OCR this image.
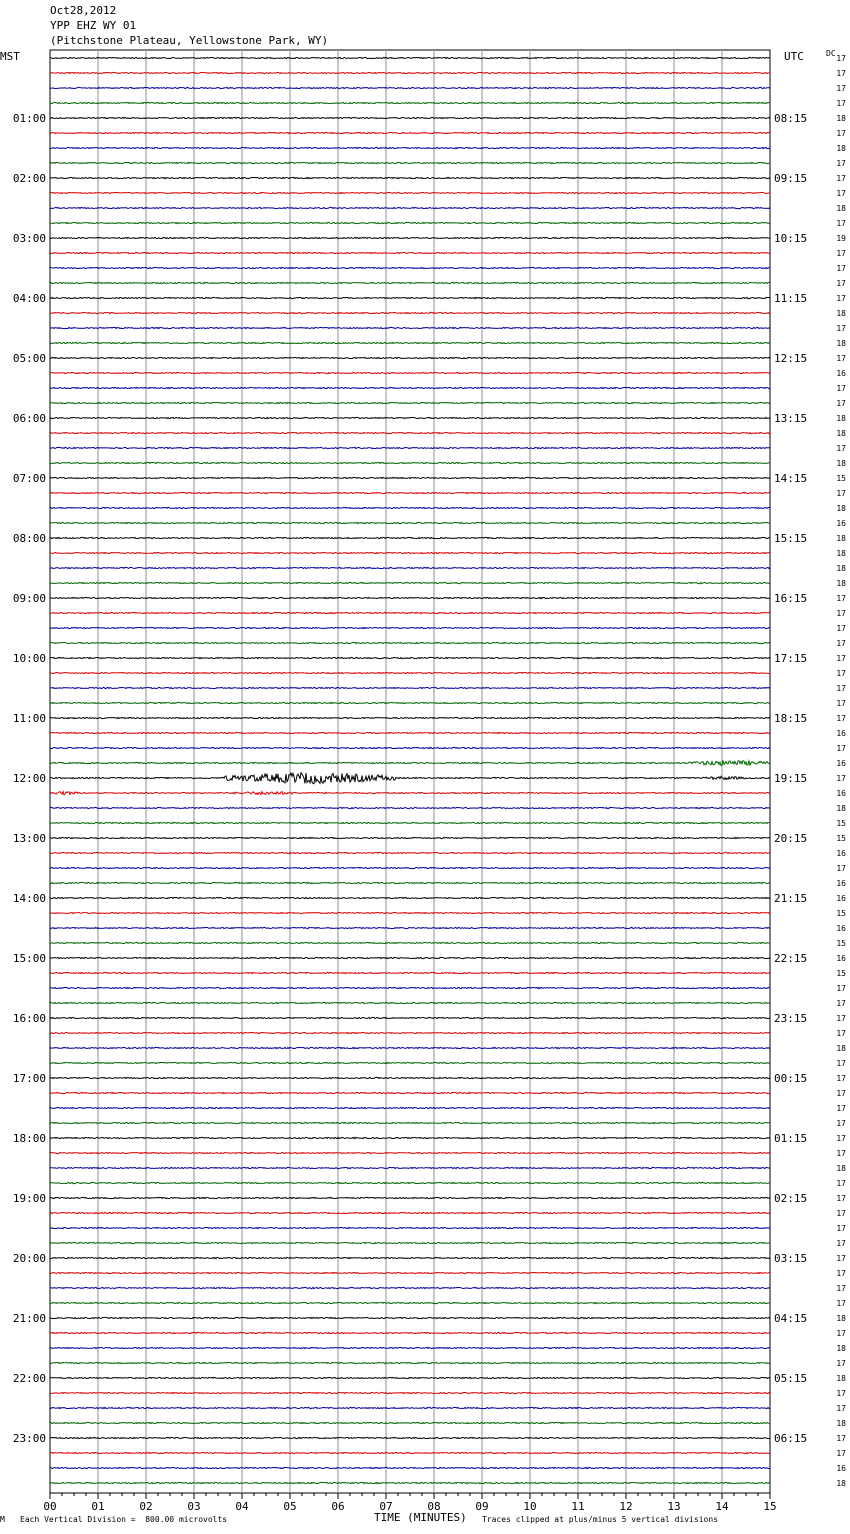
Oct28,2012
YPP EHZ WY 01
(Pitchstone Plateau, Yellowstone Park, WY)
MST	UTC	DC
17
17
17
17
18
17
18
17
17
17
18
17
19
17
17
17
17
18
17
18
17
16
17
17
18
18
17
18
15
17
18
16
18
18
18
18
17
17
17
17
17
17
17
17
17
16
17
16
17
16
18
15
15
16
17
16
16
15
16
15
16
15
17
17
17
17
18
17
17
17
17
17
17
17
18
17
17
17
17
17
17
17
17
17
18
17
18
17
18
17
17
18
17
17
16
18
01:00
02:00
03:00
04:00
05:00
06:00
07:00
08:00
09:00
10:00
11:00
12:00
13:00
14:00
15:00
16:00
17:00
18:00
19:00
20:00
21:00
22:00
23:00
08:15
09:15
10:15
11:15
12:15
13:15
14:15
15:15
16:15
17:15
18:15
19:15
20:15
21:15
22:15
23:15
00:15
01:15
02:15
03:15
04:15
05:15
06:15
00	01	02	03	04	05	06	07	08	09	10	11	12	13	14	15
M Each Vertical Division =  800.00 microvolts	TIME (MINUTES) Traces clipped at plus/minus 5 vertical divisions
